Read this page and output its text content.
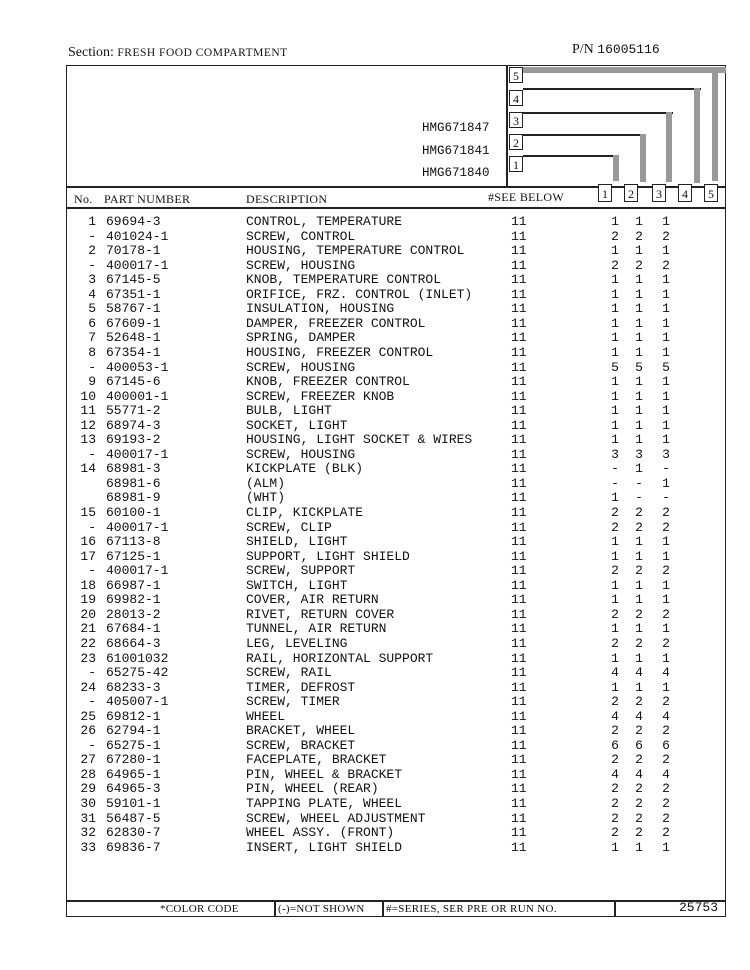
Section: FRESH FOOD COMPARTMENT	P/N 16005116
5
4
3
2
1
HMG671847
HMG671841
HMG671840
No. PART NUMBER	DESCRIPTION	#SEE BELOW	1	2	3	4	5
1 69694-3	CONTROL, TEMPERATURE	11	1 1 1
- 401024-1	SCREW, CONTROL	11	2 2 2
2 70178-1	HOUSING, TEMPERATURE CONTROL	11	1 1 1
- 400017-1	SCREW, HOUSING	11	2 2 2
3 67145-5	KNOB, TEMPERATURE CONTROL	11	1 1 1
4 67351-1	ORIFICE, FRZ. CONTROL (INLET)	11	1 1 1
5 58767-1	INSULATION, HOUSING	11	1 1 1
6 67609-1	DAMPER, FREEZER CONTROL	11	1 1 1
7 52648-1	SPRING, DAMPER	11	1 1 1
8 67354-1	HOUSING, FREEZER CONTROL	11	1 1 1
- 400053-1	SCREW, HOUSING	11	5 5 5
9 67145-6	KNOB, FREEZER CONTROL	11	1 1 1
10 400001-1	SCREW, FREEZER KNOB	11	1 1 1
11 55771-2	BULB, LIGHT	11	1 1 1
12 68974-3	SOCKET, LIGHT	11	1 1 1
13 69193-2	HOUSING, LIGHT SOCKET & WIRES	11	1 1 1
- 400017-1	SCREW, HOUSING	11	3 3 3
14 68981-3	KICKPLATE (BLK)	11	- 1 -
68981-6	(ALM)	11	- - 1
68981-9	(WHT)	11	1 - -
15 60100-1	CLIP, KICKPLATE	11	2 2 2
- 400017-1	SCREW, CLIP	11	2 2 2
16 67113-8	SHIELD, LIGHT	11	1 1 1
17 67125-1	SUPPORT, LIGHT SHIELD	11	1 1 1
- 400017-1	SCREW, SUPPORT	11	2 2 2
18 66987-1	SWITCH, LIGHT	11	1 1 1
19 69982-1	COVER, AIR RETURN	11	1 1 1
20 28013-2	RIVET, RETURN COVER	11	2 2 2
21 67684-1	TUNNEL, AIR RETURN	11	1 1 1
22 68664-3	LEG, LEVELING	11	2 2 2
23 61001032	RAIL, HORIZONTAL SUPPORT	11	1 1 1
- 65275-42	SCREW, RAIL	11	4 4 4
24 68233-3	TIMER, DEFROST	11	1 1 1
- 405007-1	SCREW, TIMER	11	2 2 2
25 69812-1	WHEEL	11	4 4 4
26 62794-1	BRACKET, WHEEL	11	2 2 2
- 65275-1	SCREW, BRACKET	11	6 6 6
27 67280-1	FACEPLATE, BRACKET	11	2 2 2
28 64965-1	PIN, WHEEL & BRACKET	11	4 4 4
29 64965-3	PIN, WHEEL (REAR)	11	2 2 2
30 59101-1	TAPPING PLATE, WHEEL	11	2 2 2
31 56487-5	SCREW, WHEEL ADJUSTMENT	11	2 2 2
32 62830-7	WHEEL ASSY. (FRONT)	11	2 2 2
33 69836-7	INSERT, LIGHT SHIELD	11	1 1 1
*COLOR CODE	(-)=NOT SHOWN #=SERIES, SER PRE OR RUN NO.	25753
